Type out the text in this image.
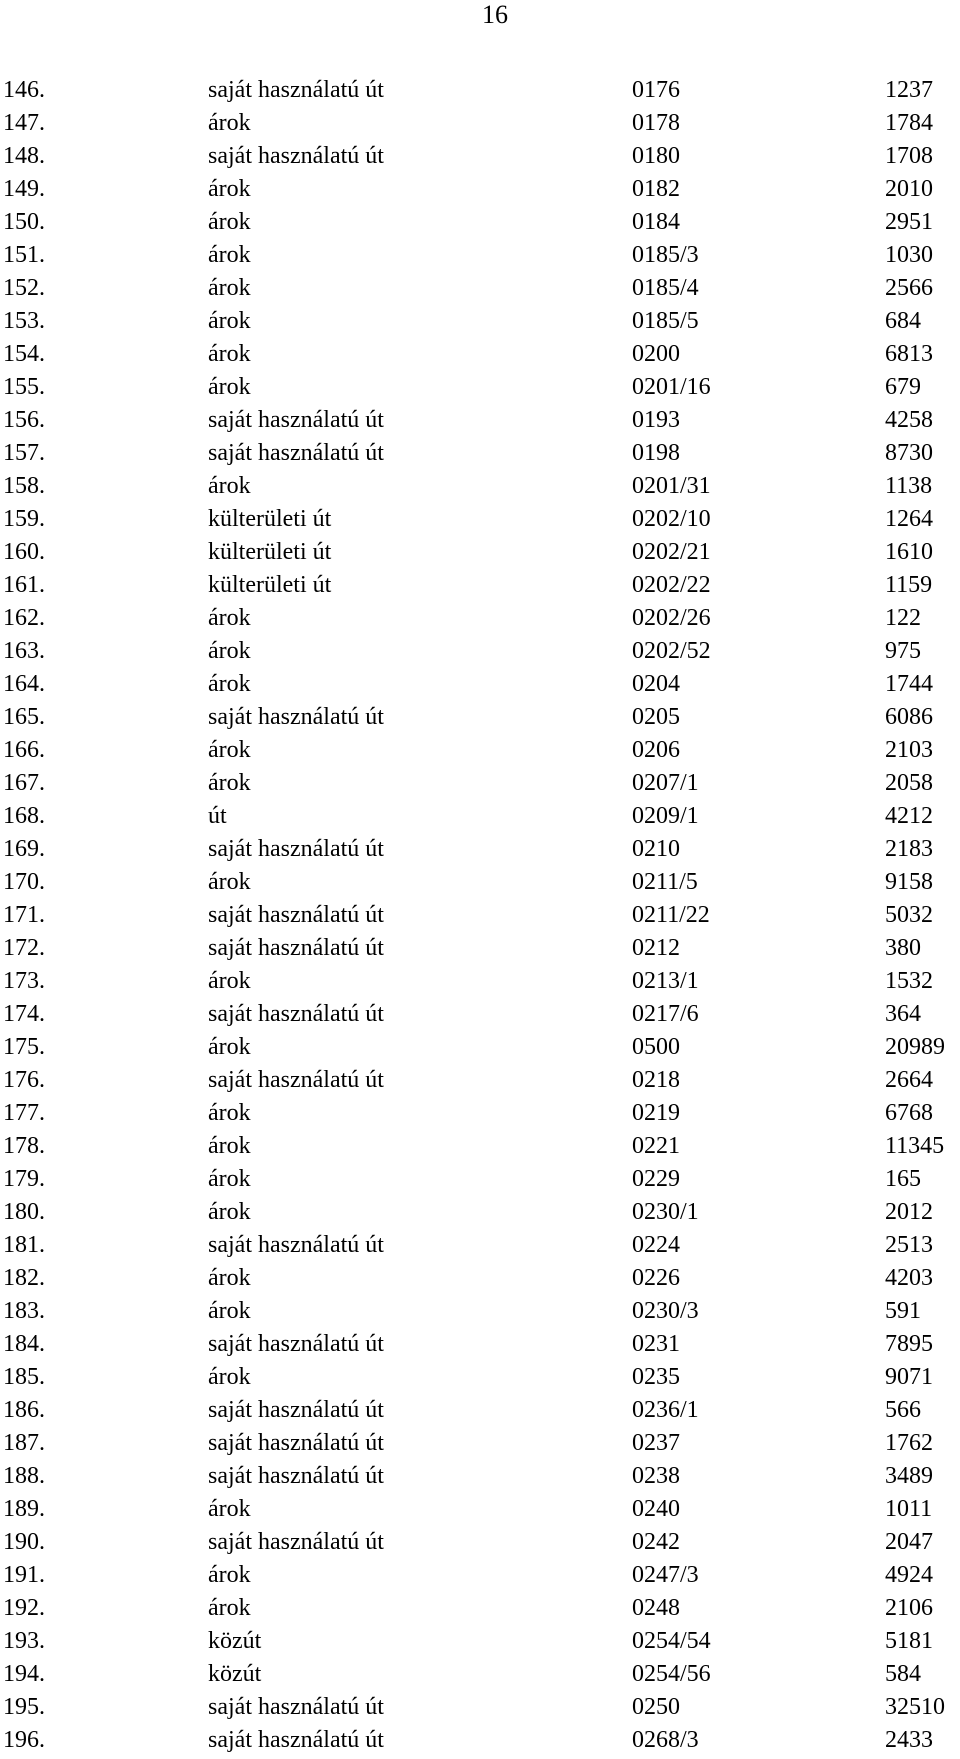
16
146.	saját használatú út	0176	1237
147.	árok	0178	1784
148.	saját használatú út	0180	1708
149.	árok	0182	2010
150.	árok	0184	2951
151.	árok	0185/3	1030
152.	árok	0185/4	2566
153.	árok	0185/5	684
154.	árok	0200	6813
155.	árok	0201/16	679
156.	saját használatú út	0193	4258
157.	saját használatú út	0198	8730
158.	árok	0201/31	1138
159.	külterületi út	0202/10	1264
160.	külterületi út	0202/21	1610
161.	külterületi út	0202/22	1159
162.	árok	0202/26	122
163.	árok	0202/52	975
164.	árok	0204	1744
165.	saját használatú út	0205	6086
166.	árok	0206	2103
167.	árok	0207/1	2058
168.	út	0209/1	4212
169.	saját használatú út	0210	2183
170.	árok	0211/5	9158
171.	saját használatú út	0211/22	5032
172.	saját használatú út	0212	380
173.	árok	0213/1	1532
174.	saját használatú út	0217/6	364
175.	árok	0500	20989
176.	saját használatú út	0218	2664
177.	árok	0219	6768
178.	árok	0221	11345
179.	árok	0229	165
180.	árok	0230/1	2012
181.	saját használatú út	0224	2513
182.	árok	0226	4203
183.	árok	0230/3	591
184.	saját használatú út	0231	7895
185.	árok	0235	9071
186.	saját használatú út	0236/1	566
187.	saját használatú út	0237	1762
188.	saját használatú út	0238	3489
189.	árok	0240	1011
190.	saját használatú út	0242	2047
191.	árok	0247/3	4924
192.	árok	0248	2106
193.	közút	0254/54	5181
194.	közút	0254/56	584
195.	saját használatú út	0250	32510
196.	saját használatú út	0268/3	2433
